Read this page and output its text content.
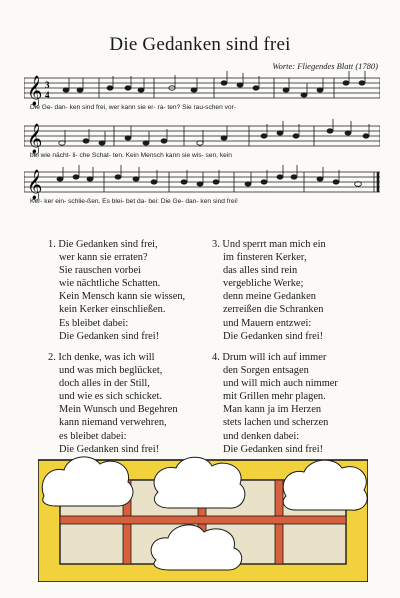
Die Gedanken sind frei
Worte: Fliegendes Blatt (1780)
𝄞 3
4
Die Ge- dan- ken sind frei, wer kann sie er- ra- ten? Sie rau-schen vor-
𝄞
bei wie nächt- li- che Schat- ten. Kein Mensch kann sie wis- sen, kein
𝄞
Ker- ker ein- schlie-ßen. Es blei- bet da- bei: Die Ge- dan- ken sind frei!
1. Die Gedanken sind frei,
wer kann sie erraten?
Sie rauschen vorbei
wie nächtliche Schatten.
Kein Mensch kann sie wissen,
kein Kerker einschließen.
Es bleibet dabei:
Die Gedanken sind frei!
2. Ich denke, was ich will
und was mich beglücket,
doch alles in der Still,
und wie es sich schicket.
Mein Wunsch und Begehren
kann niemand verwehren,
es bleibet dabei:
Die Gedanken sind frei!
3. Und sperrt man mich ein
im finsteren Kerker,
das alles sind rein
vergebliche Werke;
denn meine Gedanken
zerreißen die Schranken
und Mauern entzwei:
Die Gedanken sind frei!
4. Drum will ich auf immer
den Sorgen entsagen
und will mich auch nimmer
mit Grillen mehr plagen.
Man kann ja im Herzen
stets lachen und scherzen
und denken dabei:
Die Gedanken sind frei!
